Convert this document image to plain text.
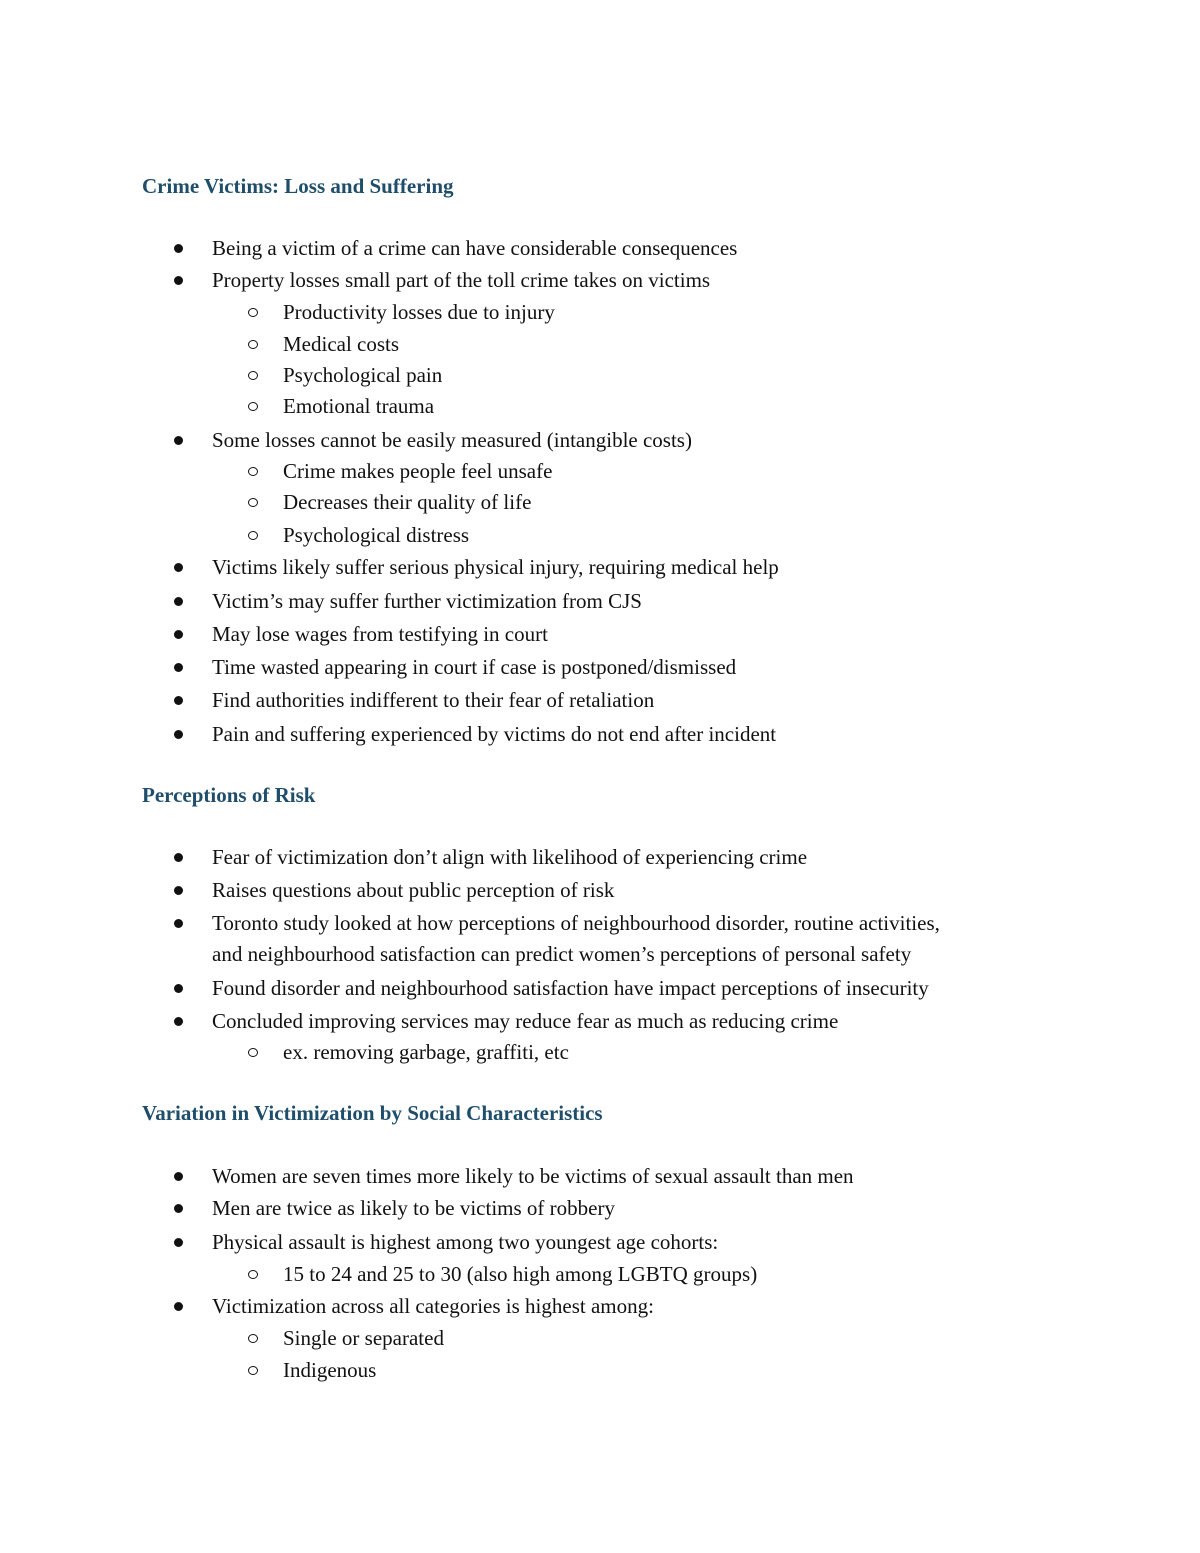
Crime Victims: Loss and Suffering
Being a victim of a crime can have considerable consequences
Property losses small part of the toll crime takes on victims
Productivity losses due to injury
Medical costs
Psychological pain
Emotional trauma
Some losses cannot be easily measured (intangible costs)
Crime makes people feel unsafe
Decreases their quality of life
Psychological distress
Victims likely suffer serious physical injury, requiring medical help
Victim’s may suffer further victimization from CJS
May lose wages from testifying in court
Time wasted appearing in court if case is postponed/dismissed
Find authorities indifferent to their fear of retaliation
Pain and suffering experienced by victims do not end after incident
Perceptions of Risk
Fear of victimization don’t align with likelihood of experiencing crime
Raises questions about public perception of risk
Toronto study looked at how perceptions of neighbourhood disorder, routine activities,
and neighbourhood satisfaction can predict women’s perceptions of personal safety
Found disorder and neighbourhood satisfaction have impact perceptions of insecurity
Concluded improving services may reduce fear as much as reducing crime
ex. removing garbage, graffiti, etc
Variation in Victimization by Social Characteristics
Women are seven times more likely to be victims of sexual assault than men
Men are twice as likely to be victims of robbery
Physical assault is highest among two youngest age cohorts:
15 to 24 and 25 to 30 (also high among LGBTQ groups)
Victimization across all categories is highest among:
Single or separated
Indigenous
